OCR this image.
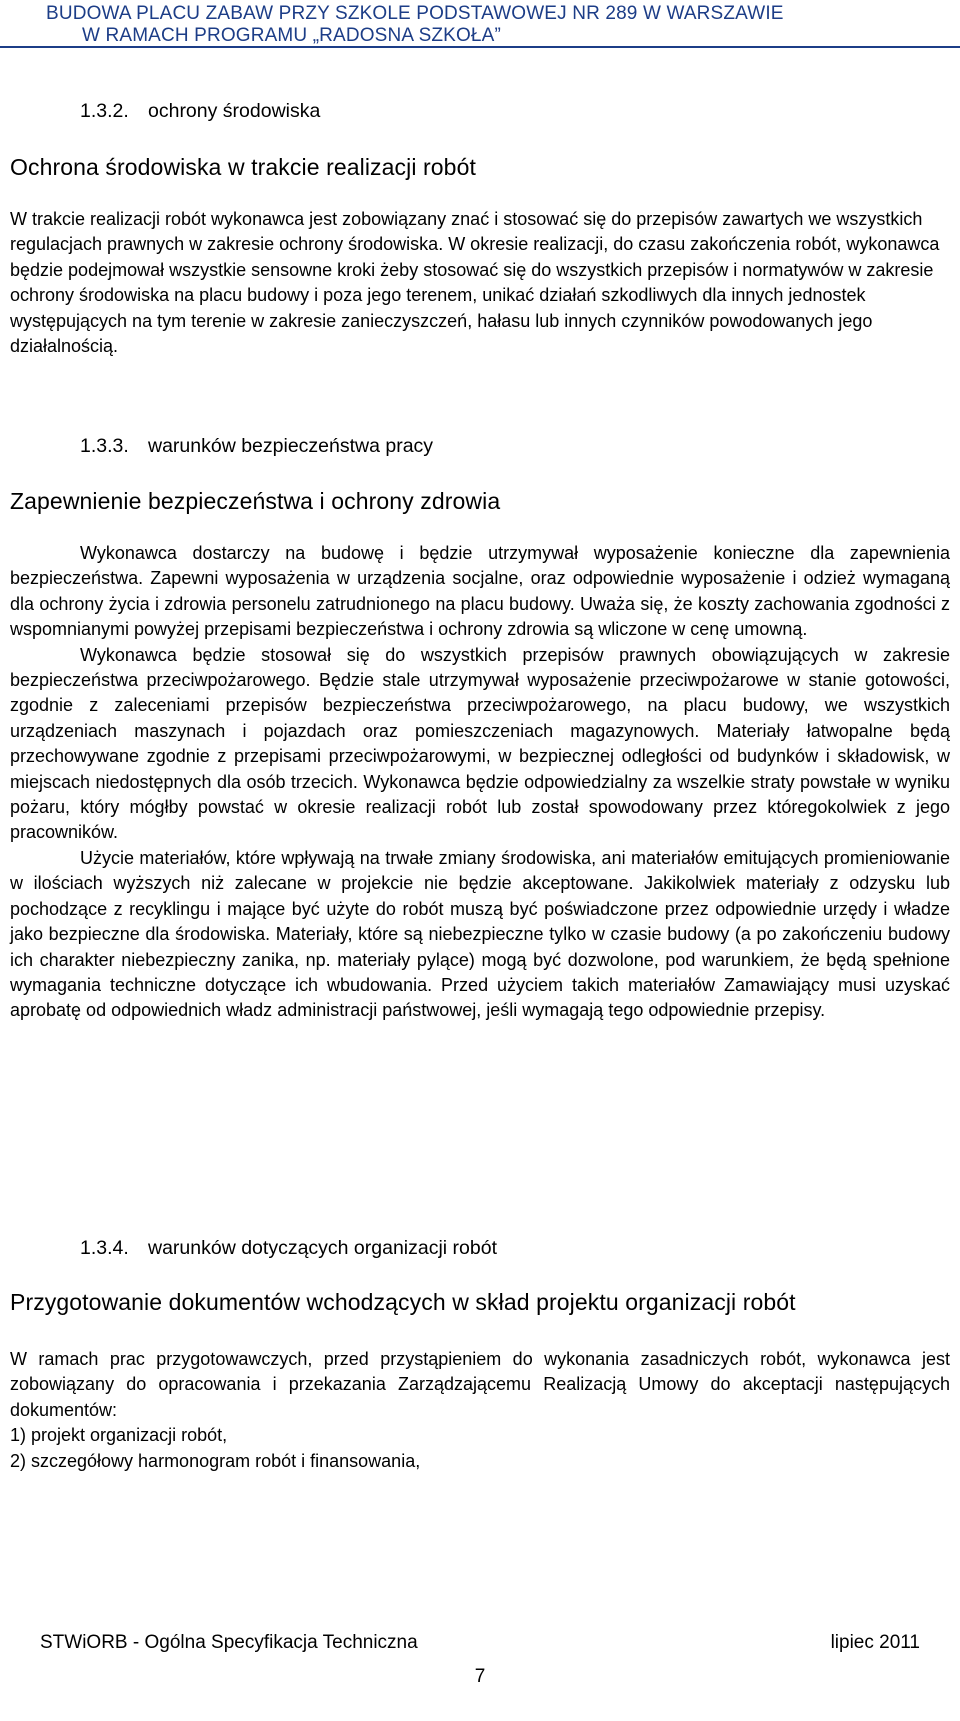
BUDOWA PLACU ZABAW PRZY SZKOLE PODSTAWOWEJ NR 289 W WARSZAWIE
W RAMACH PROGRAMU „RADOSNA SZKOŁA”
1.3.2. ochrony środowiska
Ochrona środowiska w trakcie realizacji robót

W trakcie realizacji robót wykonawca jest zobowiązany znać i stosować się do przepisów zawartych we wszystkich regulacjach prawnych w zakresie ochrony środowiska. W okresie realizacji, do czasu zakończenia robót, wykonawca będzie podejmował wszystkie sensowne kroki żeby stosować się do wszystkich przepisów i normatywów w zakresie ochrony środowiska na placu budowy i poza jego terenem, unikać działań szkodliwych dla innych jednostek występujących na tym terenie w zakresie zanieczyszczeń, hałasu lub innych czynników powodowanych jego działalnością.

1.3.3. warunków bezpieczeństwa pracy
Zapewnienie bezpieczeństwa i ochrony zdrowia

Wykonawca dostarczy na budowę i będzie utrzymywał wyposażenie konieczne dla zapewnienia bezpieczeństwa. Zapewni wyposażenia w urządzenia socjalne, oraz odpowiednie wyposażenie i odzież wymaganą dla ochrony życia i zdrowia personelu zatrudnionego na placu budowy. Uważa się, że koszty zachowania zgodności z wspomnianymi powyżej przepisami bezpieczeństwa i ochrony zdrowia są wliczone w cenę umowną.

Wykonawca będzie stosował się do wszystkich przepisów prawnych obowiązujących w zakresie bezpieczeństwa przeciwpożarowego. Będzie stale utrzymywał wyposażenie przeciwpożarowe w stanie gotowości, zgodnie z zaleceniami przepisów bezpieczeństwa przeciwpożarowego, na placu budowy, we wszystkich urządzeniach maszynach i pojazdach oraz pomieszczeniach magazynowych. Materiały łatwopalne będą przechowywane zgodnie z przepisami przeciwpożarowymi, w bezpiecznej odległości od budynków i składowisk, w miejscach niedostępnych dla osób trzecich. Wykonawca będzie odpowiedzialny za wszelkie straty powstałe w wyniku pożaru, który mógłby powstać w okresie realizacji robót lub został spowodowany przez któregokolwiek z jego pracowników.

Użycie materiałów, które wpływają na trwałe zmiany środowiska, ani materiałów emitujących promieniowanie w ilościach wyższych niż zalecane w projekcie nie będzie akceptowane. Jakikolwiek materiały z odzysku lub pochodzące z recyklingu i mające być użyte do robót muszą być poświadczone przez odpowiednie urzędy i władze jako bezpieczne dla środowiska. Materiały, które są niebezpieczne tylko w czasie budowy (a po zakończeniu budowy ich charakter niebezpieczny zanika, np. materiały pylące) mogą być dozwolone, pod warunkiem, że będą spełnione wymagania techniczne dotyczące ich wbudowania. Przed użyciem takich materiałów Zamawiający musi uzyskać aprobatę od odpowiednich władz administracji państwowej, jeśli wymagają tego odpowiednie przepisy.

1.3.4. warunków dotyczących organizacji robót
Przygotowanie dokumentów wchodzących w skład projektu organizacji robót

W ramach prac przygotowawczych, przed przystąpieniem do wykonania zasadniczych robót, wykonawca jest zobowiązany do opracowania i przekazania Zarządzającemu Realizacją Umowy do akceptacji następujących dokumentów:

1) projekt organizacji robót,

2) szczegółowy harmonogram robót i finansowania,

STWiORB - Ogólna Specyfikacja Techniczna	lipiec 2011
7
